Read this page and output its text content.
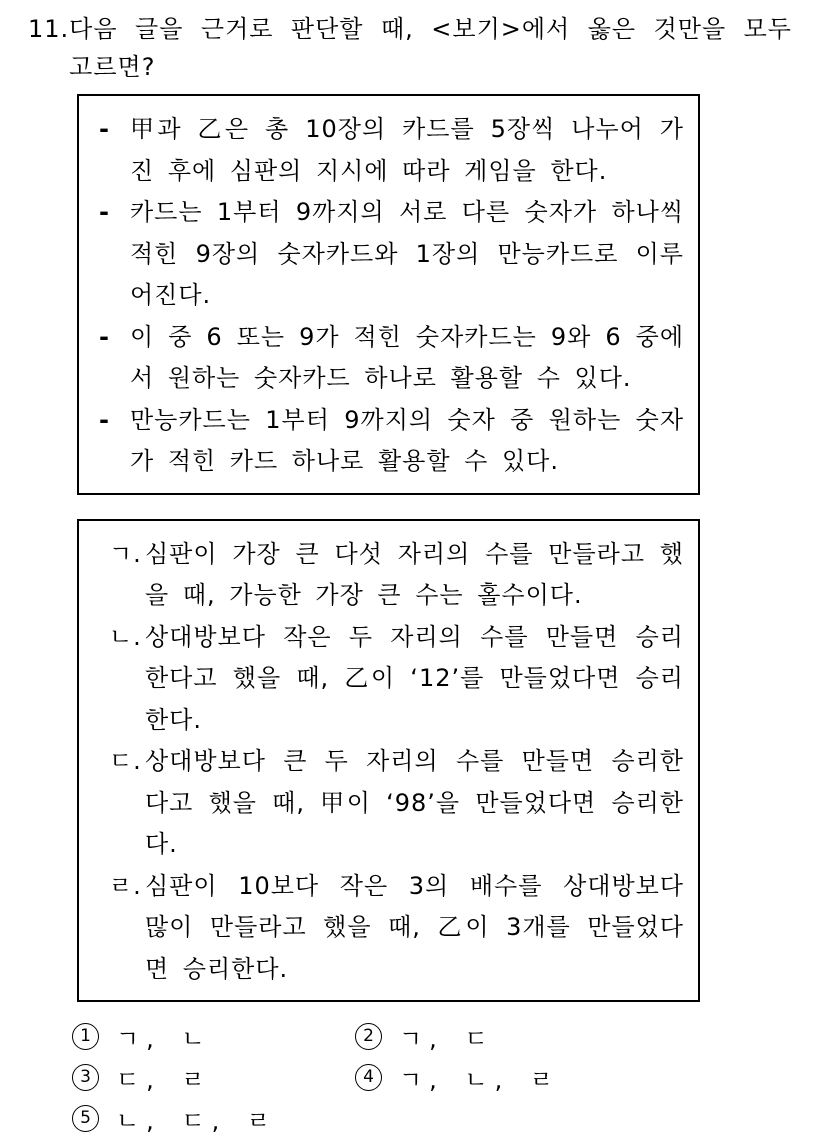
11. 다음 글을 근거로 판단할 때, <보기>에서 옳은 것만을 모두 고르면?
- 甲과 乙은 총 10장의 카드를 5장씩 나누어 가진 후에 심판의 지시에 따라 게임을 한다.
- 카드는 1부터 9까지의 서로 다른 숫자가 하나씩 적힌 9장의 숫자카드와 1장의 만능카드로 이루어진다.
- 이 중 6 또는 9가 적힌 숫자카드는 9와 6 중에서 원하는 숫자카드 하나로 활용할 수 있다.
- 만능카드는 1부터 9까지의 숫자 중 원하는 숫자가 적힌 카드 하나로 활용할 수 있다.
ㄱ. 심판이 가장 큰 다섯 자리의 수를 만들라고 했을 때, 가능한 가장 큰 수는 홀수이다.
ㄴ. 상대방보다 작은 두 자리의 수를 만들면 승리한다고 했을 때, 乙이 ‘12’를 만들었다면 승리한다.
ㄷ. 상대방보다 큰 두 자리의 수를 만들면 승리한다고 했을 때, 甲이 ‘98’을 만들었다면 승리한다.
ㄹ. 심판이 10보다 작은 3의 배수를 상대방보다 많이 만들라고 했을 때, 乙이 3개를 만들었다면 승리한다.
1	ㄱ, ㄴ	2	ㄱ, ㄷ
3	ㄷ, ㄹ	4	ㄱ, ㄴ, ㄹ
5	ㄴ, ㄷ, ㄹ
